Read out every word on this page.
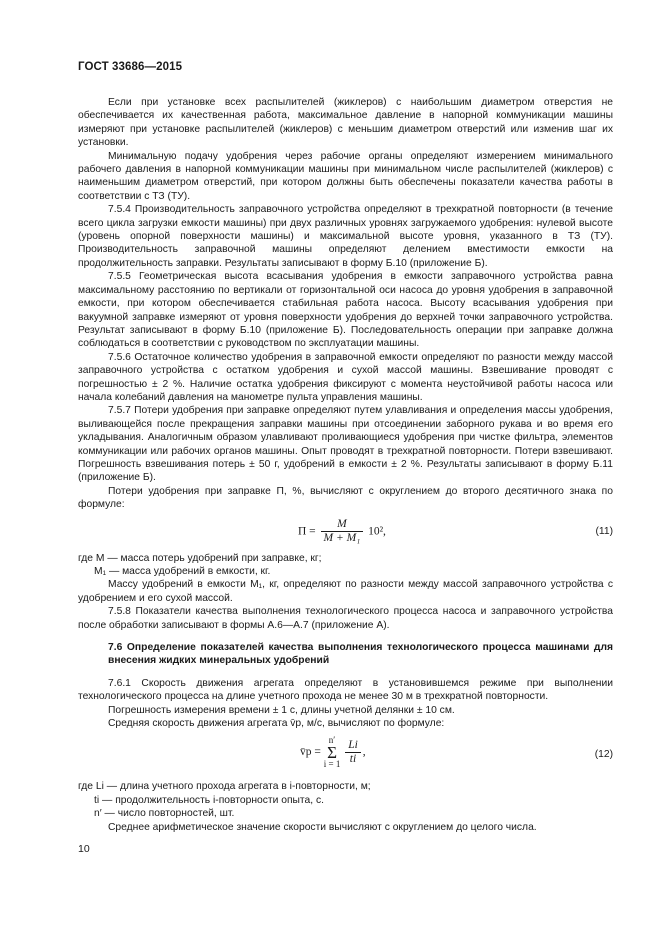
ГОСТ 33686—2015

Если при установке всех распылителей (жиклеров) с наибольшим диаметром отверстия не обеспечивается их качественная работа, максимальное давление в напорной коммуникации машины измеряют при установке распылителей (жиклеров) с меньшим диаметром отверстий или изменив шаг их установки.

Минимальную подачу удобрения через рабочие органы определяют измерением минимального рабочего давления в напорной коммуникации машины при минимальном числе распылителей (жиклеров) с наименьшим диаметром отверстий, при котором должны быть обеспечены показатели качества работы в соответствии с ТЗ (ТУ).

7.5.4 Производительность заправочного устройства определяют в трехкратной повторности (в течение всего цикла загрузки емкости машины) при двух различных уровнях загружаемого удобрения: нулевой высоте (уровень опорной поверхности машины) и максимальной высоте уровня, указанного в ТЗ (ТУ). Производительность заправочной машины определяют делением вместимости емкости на продолжительность заправки. Результаты записывают в форму Б.10 (приложение Б).

7.5.5 Геометрическая высота всасывания удобрения в емкости заправочного устройства равна максимальному расстоянию по вертикали от горизонтальной оси насоса до уровня удобрения в заправочной емкости, при котором обеспечивается стабильная работа насоса. Высоту всасывания удобрения при вакуумной заправке измеряют от уровня поверхности удобрения до верхней точки заправочного устройства. Результат записывают в форму Б.10 (приложение Б). Последовательность операции при заправке должна соблюдаться в соответствии с руководством по эксплуатации машины.

7.5.6 Остаточное количество удобрения в заправочной емкости определяют по разности между массой заправочного устройства с остатком удобрения и сухой массой машины. Взвешивание проводят с погрешностью ± 2 %. Наличие остатка удобрения фиксируют с момента неустойчивой работы насоса или начала колебаний давления на манометре пульта управления машины.

7.5.7 Потери удобрения при заправке определяют путем улавливания и определения массы удобрения, выливающейся после прекращения заправки машины при отсоединении заборного рукава и во время его укладывания. Аналогичным образом улавливают проливающиеся удобрения при чистке фильтра, элементов коммуникации или рабочих органов машины. Опыт проводят в трехкратной повторности. Потери взвешивают. Погрешность взвешивания потерь ± 50 г, удобрений в емкости ± 2 %. Результаты записывают в форму Б.11 (приложение Б).

Потери удобрения при заправке П, %, вычисляют с округлением до второго десятичного знака по формуле:

$П = \frac{M}{\text{M + M₁}} 10^2$,	(11)

где M — масса потерь удобрений при заправке, кг;

M₁ — масса удобрений в емкости, кг.

Массу удобрений в емкости M₁, кг, определяют по разности между массой заправочного устройства с удобрением и его сухой массой.

7.5.8 Показатели качества выполнения технологического процесса насоса и заправочного устройства после обработки записывают в формы А.6—А.7 (приложение А).

7.6 Определение показателей качества выполнения технологического процесса машинами для внесения жидких минеральных удобрений

7.6.1 Скорость движения агрегата определяют в установившемся режиме при выполнении технологического процесса на длине учетного прохода не менее 30 м в трехкратной повторности.

Погрешность измерения времени ± 1 с, длины учетной делянки ± 10 см.

Средняя скорость движения агрегата v̄p, м/с, вычисляют по формуле:

v̄p = n′
Σ
$i = 1 \frac{Li}{ti}$ ,	(12)

где Li — длина учетного прохода агрегата в i-повторности, м;

ti — продолжительность i-повторности опыта, с.

n′ — число повторностей, шт.

Среднее арифметическое значение скорости вычисляют с округлением до целого числа.

10
